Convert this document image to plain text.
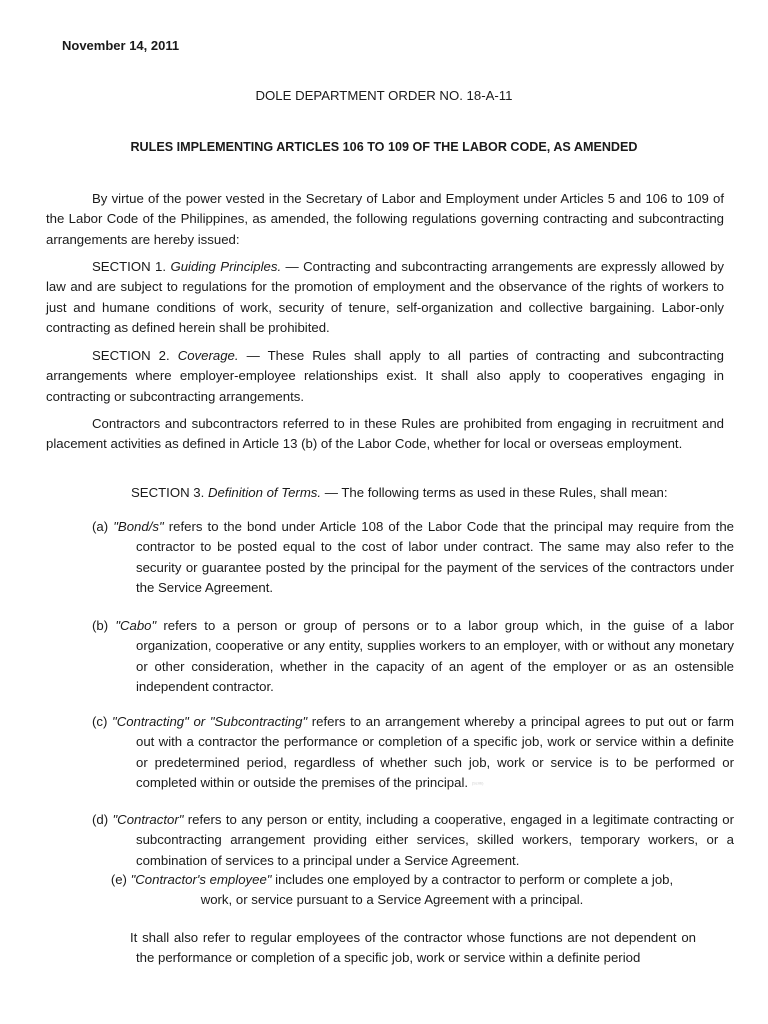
November 14, 2011
DOLE DEPARTMENT ORDER NO. 18-A-11
RULES IMPLEMENTING ARTICLES 106 TO 109 OF THE LABOR CODE, AS AMENDED

By virtue of the power vested in the Secretary of Labor and Employment under Articles 5 and 106 to 109 of the Labor Code of the Philippines, as amended, the following regulations governing contracting and subcontracting arrangements are hereby issued:

SECTION 1. Guiding Principles. — Contracting and subcontracting arrangements are expressly allowed by law and are subject to regulations for the promotion of employment and the observance of the rights of workers to just and humane conditions of work, security of tenure, self-organization and collective bargaining. Labor-only contracting as defined herein shall be prohibited.

SECTION 2. Coverage. — These Rules shall apply to all parties of contracting and subcontracting arrangements where employer-employee relationships exist. It shall also apply to cooperatives engaging in contracting or subcontracting arrangements.

Contractors and subcontractors referred to in these Rules are prohibited from engaging in recruitment and placement activities as defined in Article 13 (b) of the Labor Code, whether for local or overseas employment.

SECTION 3. Definition of Terms. — The following terms as used in these Rules, shall mean:

(a) "Bond/s" refers to the bond under Article 108 of the Labor Code that the principal may require from the contractor to be posted equal to the cost of labor under contract. The same may also refer to the security or guarantee posted by the principal for the payment of the services of the contractors under the Service Agreement.

(b) "Cabo" refers to a person or group of persons or to a labor group which, in the guise of a labor organization, cooperative or any entity, supplies workers to an employer, with or without any monetary or other consideration, whether in the capacity of an agent of the employer or as an ostensible independent contractor.

(c) "Contracting" or "Subcontracting" refers to an arrangement whereby a principal agrees to put out or farm out with a contractor the performance or completion of a specific job, work or service within a definite or predetermined period, regardless of whether such job, work or service is to be performed or completed within or outside the premises of the principal. (Scrib)

(d) "Contractor" refers to any person or entity, including a cooperative, engaged in a legitimate contracting or subcontracting arrangement providing either services, skilled workers, temporary workers, or a combination of services to a principal under a Service Agreement.

(e) "Contractor's employee" includes one employed by a contractor to perform or complete a job, work, or service pursuant to a Service Agreement with a principal.

It shall also refer to regular employees of the contractor whose functions are not dependent on the performance or completion of a specific job, work or service within a definite period
